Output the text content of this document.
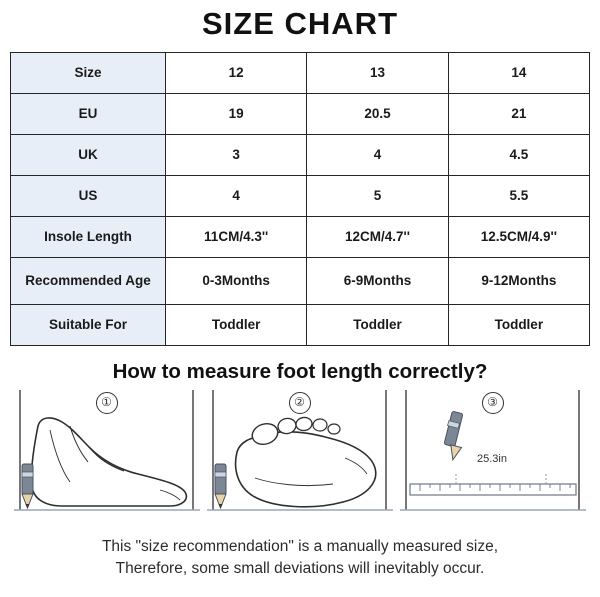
SIZE CHART
Size	12	13	14
EU	19	20.5	21
UK	3	4	4.5
US	4	5	5.5
Insole Length	11CM/4.3''	12CM/4.7''	12.5CM/4.9''
Recommended Age	0-3Months	6-9Months	9-12Months
Suitable For	Toddler	Toddler	Toddler
How to measure foot length correctly?
①	②	③
25.3in
This "size recommendation" is a manually measured size,
Therefore, some small deviations will inevitably occur.
